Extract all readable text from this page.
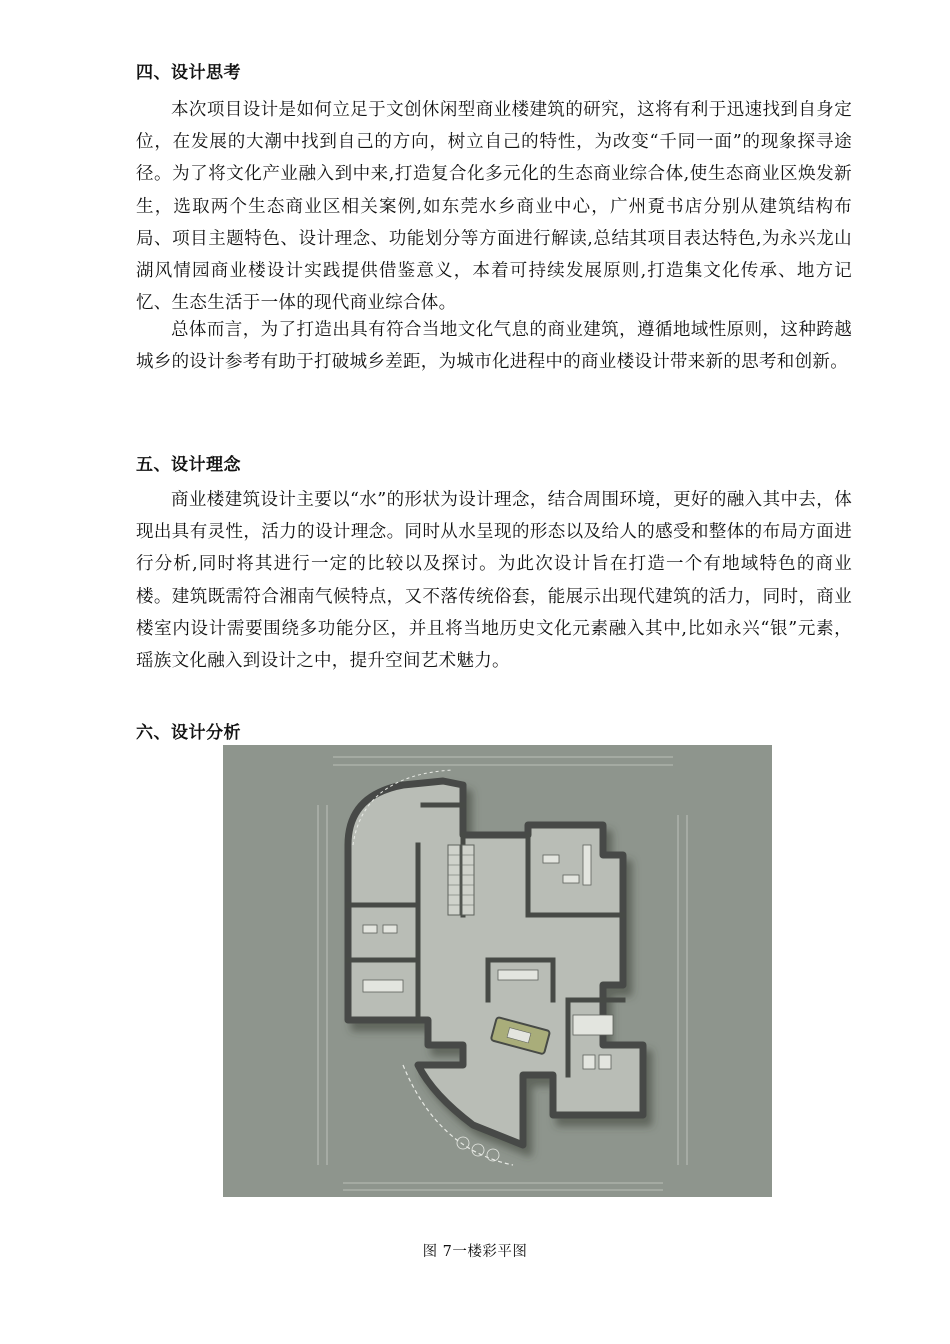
四、设计思考

本次项目设计是如何立足于文创休闲型商业楼建筑的研究，这将有利于迅速找到自身定位，在发展的大潮中找到自己的方向，树立自己的特性，为改变“千同一面”的现象探寻途径。为了将文化产业融入到中来,打造复合化多元化的生态商业综合体,使生态商业区焕发新生，选取两个生态商业区相关案例,如东莞水乡商业中心，广州覔书店分别从建筑结构布局、项目主题特色、设计理念、功能划分等方面进行解读,总结其项目表达特色,为永兴龙山湖风情园商业楼设计实践提供借鉴意义，本着可持续发展原则,打造集文化传承、地方记忆、生态生活于一体的现代商业综合体。

总体而言，为了打造出具有符合当地文化气息的商业建筑，遵循地域性原则，这种跨越城乡的设计参考有助于打破城乡差距，为城市化进程中的商业楼设计带来新的思考和创新。

五、设计理念

商业楼建筑设计主要以“水”的形状为设计理念，结合周围环境，更好的融入其中去，体现出具有灵性，活力的设计理念。同时从水呈现的形态以及给人的感受和整体的布局方面进行分析,同时将其进行一定的比较以及探讨。为此次设计旨在打造一个有地域特色的商业楼。建筑既需符合湘南气候特点，又不落传统俗套，能展示出现代建筑的活力，同时，商业楼室内设计需要围绕多功能分区，并且将当地历史文化元素融入其中,比如永兴“银”元素，瑶族文化融入到设计之中，提升空间艺术魅力。

六、设计分析
图 7一楼彩平图
